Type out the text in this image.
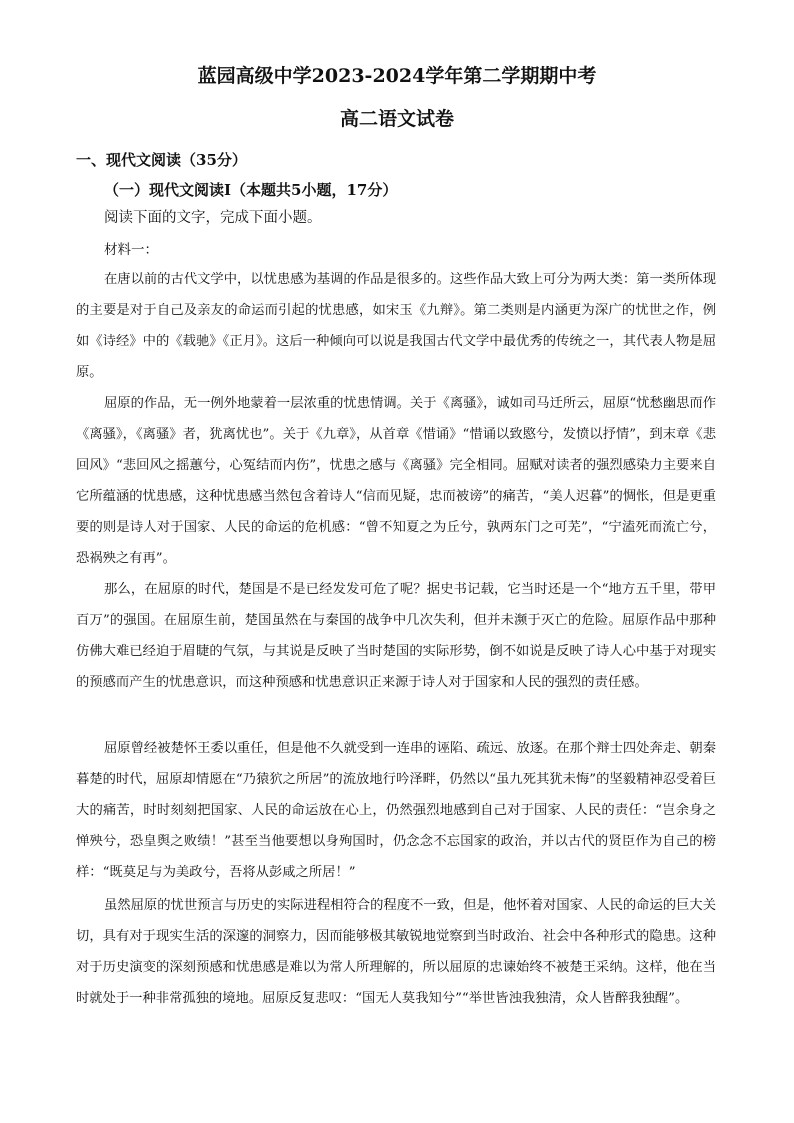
蓝园高级中学2023-2024学年第二学期期中考
高二语文试卷
一、现代文阅读（35分）
（一）现代文阅读Ⅰ（本题共5小题，17分）
阅读下面的文字，完成下面小题。
材料一：

在唐以前的古代文学中，以忧患感为基调的作品是很多的。这些作品大致上可分为两大类：第一类所体现的主要是对于自己及亲友的命运而引起的忧患感，如宋玉《九辩》。第二类则是内涵更为深广的忧世之作，例如《诗经》中的《载驰》《正月》。这后一种倾向可以说是我国古代文学中最优秀的传统之一，其代表人物是屈原。

屈原的作品，无一例外地蒙着一层浓重的忧患情调。关于《离骚》，诚如司马迁所云，屈原“忧愁幽思而作《离骚》，《离骚》者，犹离忧也”。关于《九章》，从首章《惜诵》“惜诵以致愍兮，发愤以抒情”，到末章《悲回风》“悲回风之摇蕙兮，心冤结而内伤”，忧患之感与《离骚》完全相同。屈赋对读者的强烈感染力主要来自它所蕴涵的忧患感，这种忧患感当然包含着诗人“信而见疑，忠而被谤”的痛苦，“美人迟暮”的惆怅，但是更重要的则是诗人对于国家、人民的命运的危机感：“曾不知夏之为丘兮，孰两东门之可芜”，“宁溘死而流亡兮，恐祸殃之有再”。

那么，在屈原的时代，楚国是不是已经发发可危了呢？据史书记载，它当时还是一个“地方五千里，带甲百万”的强国。在屈原生前，楚国虽然在与秦国的战争中几次失利，但并未濒于灭亡的危险。屈原作品中那种仿佛大难已经迫于眉睫的气氛，与其说是反映了当时楚国的实际形势，倒不如说是反映了诗人心中基于对现实的预感而产生的忧患意识，而这种预感和忧患意识正来源于诗人对于国家和人民的强烈的责任感。

屈原曾经被楚怀王委以重任，但是他不久就受到一连串的诬陷、疏远、放逐。在那个辩士四处奔走、朝秦暮楚的时代，屈原却情愿在“乃猿狖之所居”的流放地行吟泽畔，仍然以“虽九死其犹未悔”的坚毅精神忍受着巨大的痛苦，时时刻刻把国家、人民的命运放在心上，仍然强烈地感到自己对于国家、人民的责任：“岂余身之惮殃兮，恐皇舆之败绩！”甚至当他要想以身殉国时，仍念念不忘国家的政治，并以古代的贤臣作为自己的榜样：“既莫足与为美政兮，吾将从彭咸之所居！”

虽然屈原的忧世预言与历史的实际进程相符合的程度不一致，但是，他怀着对国家、人民的命运的巨大关切，具有对于现实生活的深邃的洞察力，因而能够极其敏锐地觉察到当时政治、社会中各种形式的隐患。这种对于历史演变的深刻预感和忧患感是难以为常人所理解的，所以屈原的忠谏始终不被楚王采纳。这样，他在当时就处于一种非常孤独的境地。屈原反复悲叹：“国无人莫我知兮”“举世皆浊我独清，众人皆醉我独醒”。
